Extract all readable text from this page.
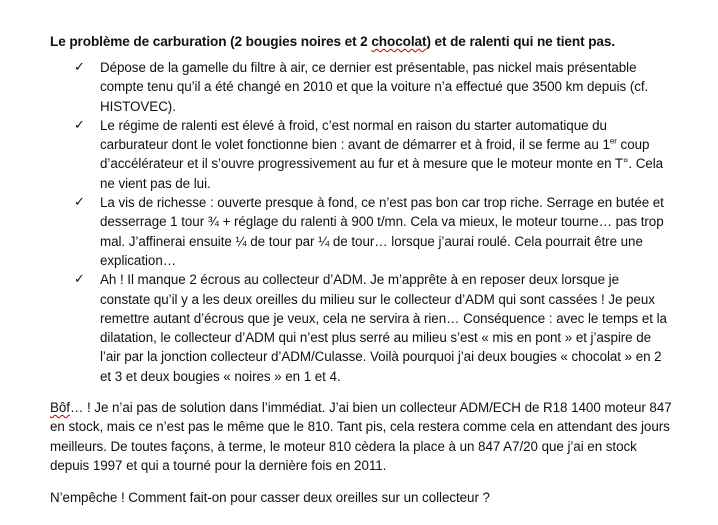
Le problème de carburation (2 bougies noires et 2 chocolat) et de ralenti qui ne tient pas.
✓ Dépose de la gamelle du filtre à air, ce dernier est présentable, pas nickel mais présentable compte tenu qu’il a été changé en 2010 et que la voiture n’a effectué que 3500 km depuis (cf. HISTOVEC).
✓ Le régime de ralenti est élevé à froid, c’est normal en raison du starter automatique du carburateur dont le volet fonctionne bien : avant de démarrer et à froid, il se ferme au 1er coup d’accélérateur et il s’ouvre progressivement au fur et à mesure que le moteur monte en T°. Cela ne vient pas de lui.
✓ La vis de richesse : ouverte presque à fond, ce n’est pas bon car trop riche. Serrage en butée et desserrage 1 tour ¾ + réglage du ralenti à 900 t/mn. Cela va mieux, le moteur tourne… pas trop mal. J’affinerai ensuite ¼ de tour par ¼ de tour… lorsque j’aurai roulé. Cela pourrait être une explication…
✓ Ah ! Il manque 2 écrous au collecteur d’ADM. Je m’apprête à en reposer deux lorsque je constate qu’il y a les deux oreilles du milieu sur le collecteur d’ADM qui sont cassées ! Je peux remettre autant d’écrous que je veux, cela ne servira à rien… Conséquence : avec le temps et la dilatation, le collecteur d’ADM qui n’est plus serré au milieu s’est « mis en pont » et j’aspire de l’air par la jonction collecteur d’ADM/Culasse. Voilà pourquoi j’ai deux bougies « chocolat » en 2 et 3 et deux bougies « noires » en 1 et 4.
Bôf… ! Je n’ai pas de solution dans l’immédiat. J’ai bien un collecteur ADM/ECH de R18 1400 moteur 847 en stock, mais ce n’est pas le même que le 810. Tant pis, cela restera comme cela en attendant des jours meilleurs. De toutes façons, à terme, le moteur 810 cèdera la place à un 847 A7/20 que j’ai en stock depuis 1997 et qui a tourné pour la dernière fois en 2011.
N’empêche ! Comment fait-on pour casser deux oreilles sur un collecteur ?
